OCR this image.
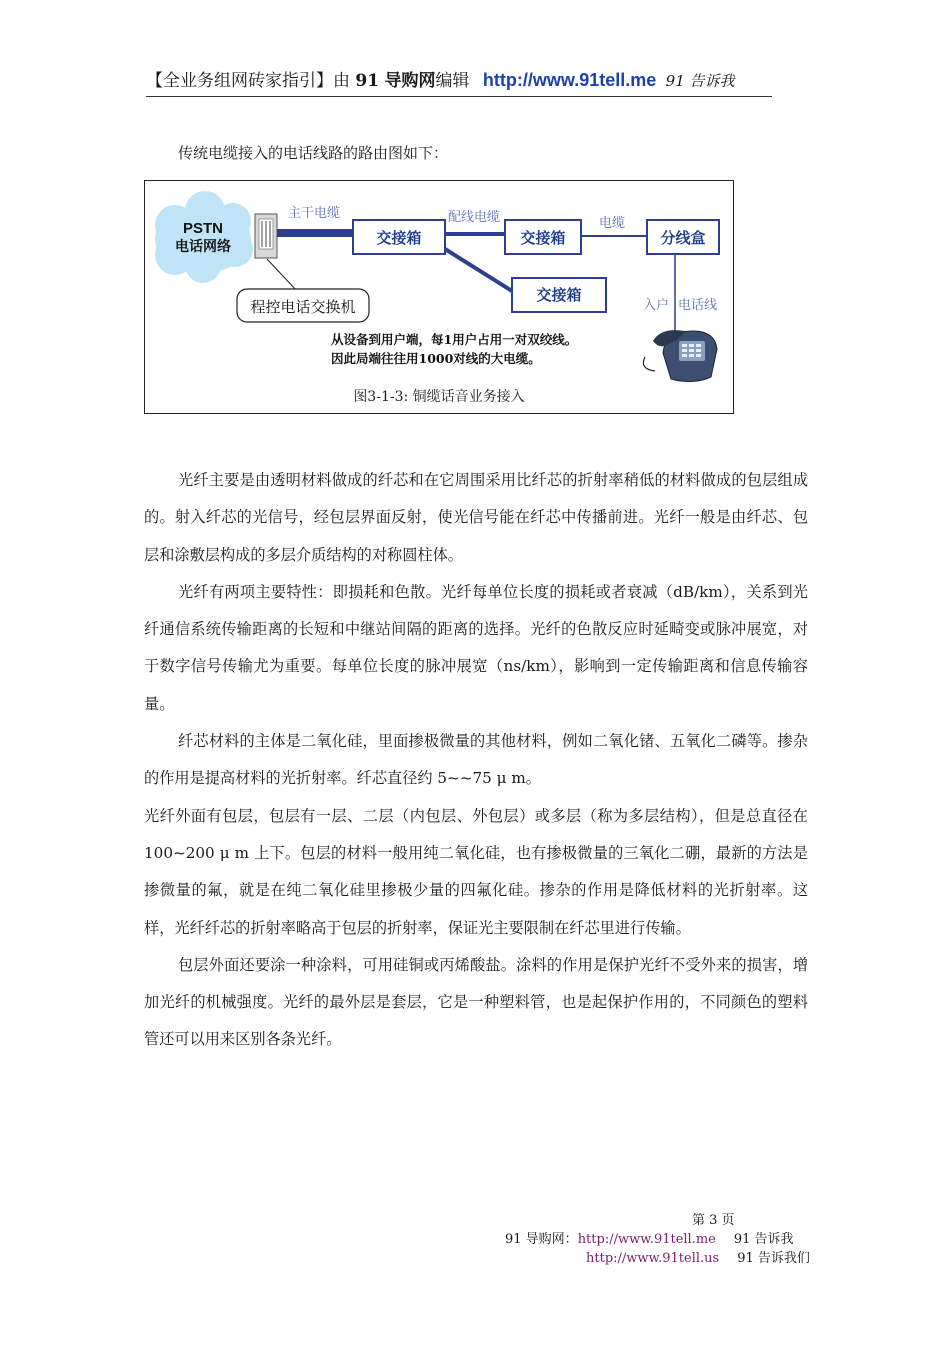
【全业务组网砖家指引】由 91 导购网编辑 http://www.91tell.me 91 告诉我
传统电缆接入的电话线路的路由图如下：
PSTN
电话网络
主干电缆
交接箱
配线电缆
交接箱
交接箱
电缆
分线盒
入户 电话线
程控电话交换机
从设备到用户端，每1用户占用一对双绞线。
因此局端往往用1000对线的大电缆。
图3-1-3: 铜缆话音业务接入

光纤主要是由透明材料做成的纤芯和在它周围采用比纤芯的折射率稍低的材料做成的包层组成的。射入纤芯的光信号，经包层界面反射，使光信号能在纤芯中传播前进。光纤一般是由纤芯、包层和涂敷层构成的多层介质结构的对称圆柱体。

光纤有两项主要特性：即损耗和色散。光纤每单位长度的损耗或者衰减（dB/km），关系到光纤通信系统传输距离的长短和中继站间隔的距离的选择。光纤的色散反应时延畸变或脉冲展宽，对于数字信号传输尤为重要。每单位长度的脉冲展宽（ns/km），影响到一定传输距离和信息传输容量。

纤芯材料的主体是二氧化硅，里面掺极微量的其他材料，例如二氧化锗、五氧化二磷等。掺杂的作用是提高材料的光折射率。纤芯直径约 5~~75 μ m。

光纤外面有包层，包层有一层、二层（内包层、外包层）或多层（称为多层结构），但是总直径在 100~200 μ m 上下。包层的材料一般用纯二氧化硅，也有掺极微量的三氧化二硼，最新的方法是掺微量的氟，就是在纯二氧化硅里掺极少量的四氟化硅。掺杂的作用是降低材料的光折射率。这样，光纤纤芯的折射率略高于包层的折射率，保证光主要限制在纤芯里进行传输。

包层外面还要涂一种涂料，可用硅铜或丙烯酸盐。涂料的作用是保护光纤不受外来的损害，增加光纤的机械强度。光纤的最外层是套层，它是一种塑料管，也是起保护作用的，不同颜色的塑料管还可以用来区别各条光纤。

第 3 页
91 导购网：http://www.91tell.me 91 告诉我
http://www.91tell.us 91 告诉我们
